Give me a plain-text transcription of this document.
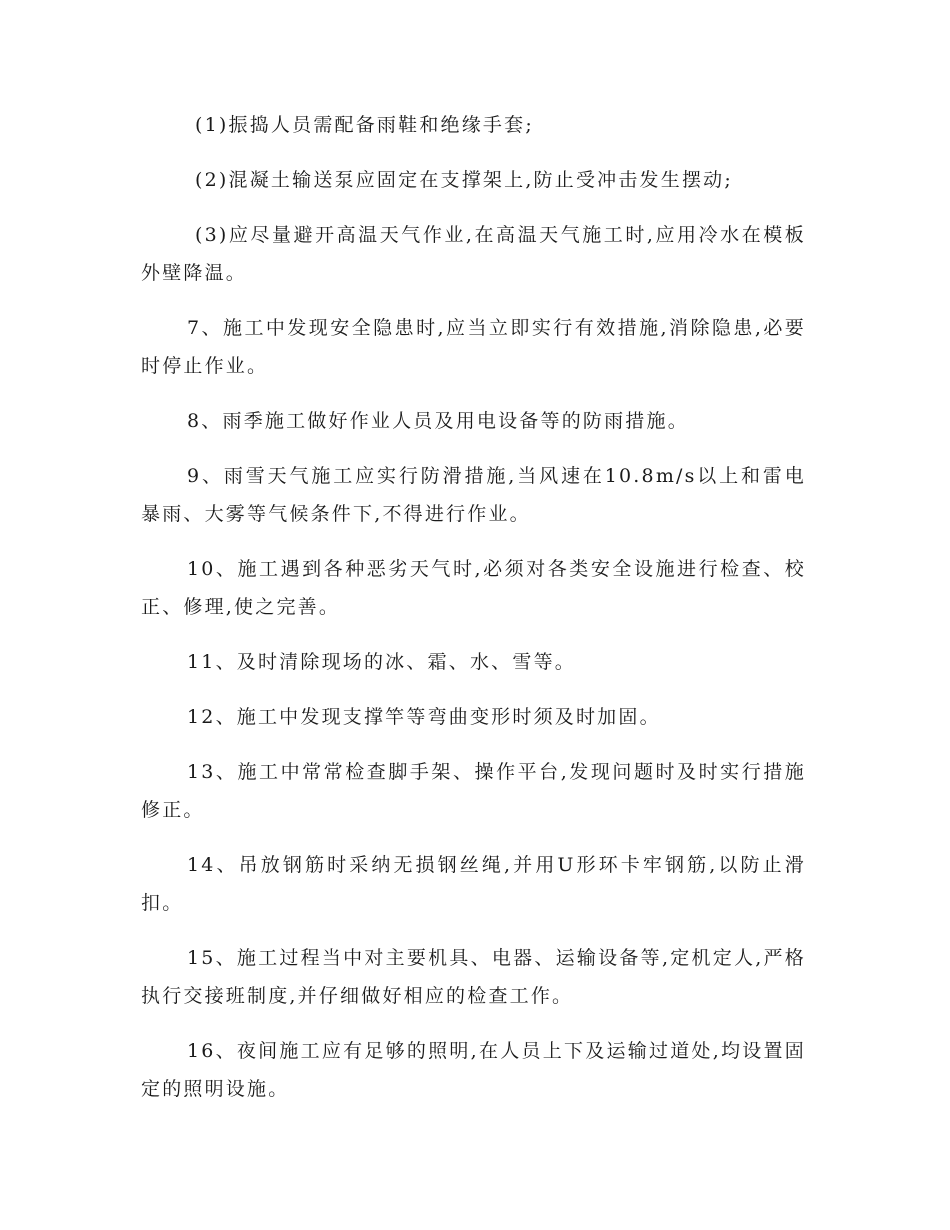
(1)振捣人员需配备雨鞋和绝缘手套;

(2)混凝土输送泵应固定在支撑架上,防止受冲击发生摆动;

(3)应尽量避开高温天气作业,在高温天气施工时,应用冷水在模板外壁降温。

7、施工中发现安全隐患时,应当立即实行有效措施,消除隐患,必要时停止作业。

8、雨季施工做好作业人员及用电设备等的防雨措施。

9、雨雪天气施工应实行防滑措施,当风速在10.8m/s以上和雷电暴雨、大雾等气候条件下,不得进行作业。

10、施工遇到各种恶劣天气时,必须对各类安全设施进行检查、校正、修理,使之完善。

11、及时清除现场的冰、霜、水、雪等。

12、施工中发现支撑竿等弯曲变形时须及时加固。

13、施工中常常检查脚手架、操作平台,发现问题时及时实行措施修正。

14、吊放钢筋时采纳无损钢丝绳,并用U形环卡牢钢筋,以防止滑扣。

15、施工过程当中对主要机具、电器、运输设备等,定机定人,严格执行交接班制度,并仔细做好相应的检查工作。

16、夜间施工应有足够的照明,在人员上下及运输过道处,均设置固定的照明设施。
